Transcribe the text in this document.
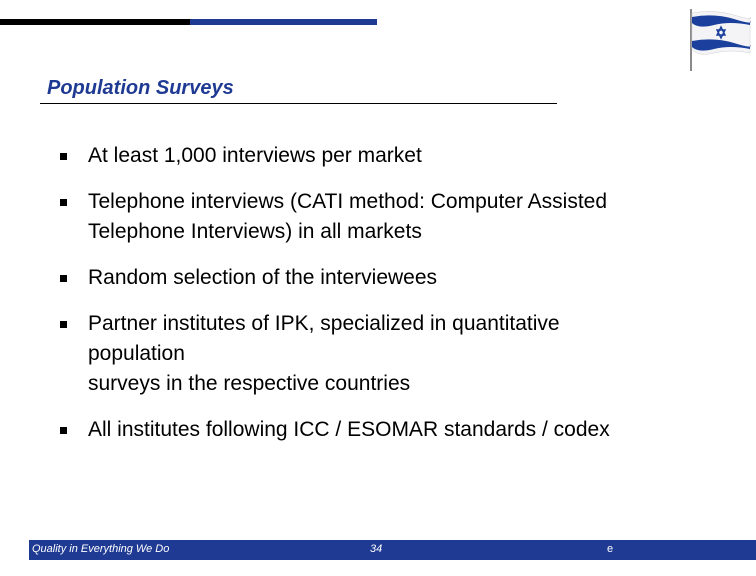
Population Surveys
At least 1,000 interviews per market
Telephone interviews (CATI method: Computer Assisted
Telephone Interviews) in all markets
Random selection of the interviewees
Partner institutes of IPK, specialized in quantitative
population
surveys in the respective countries
All institutes following ICC / ESOMAR standards / codex
Quality in Everything We Do	34	e
